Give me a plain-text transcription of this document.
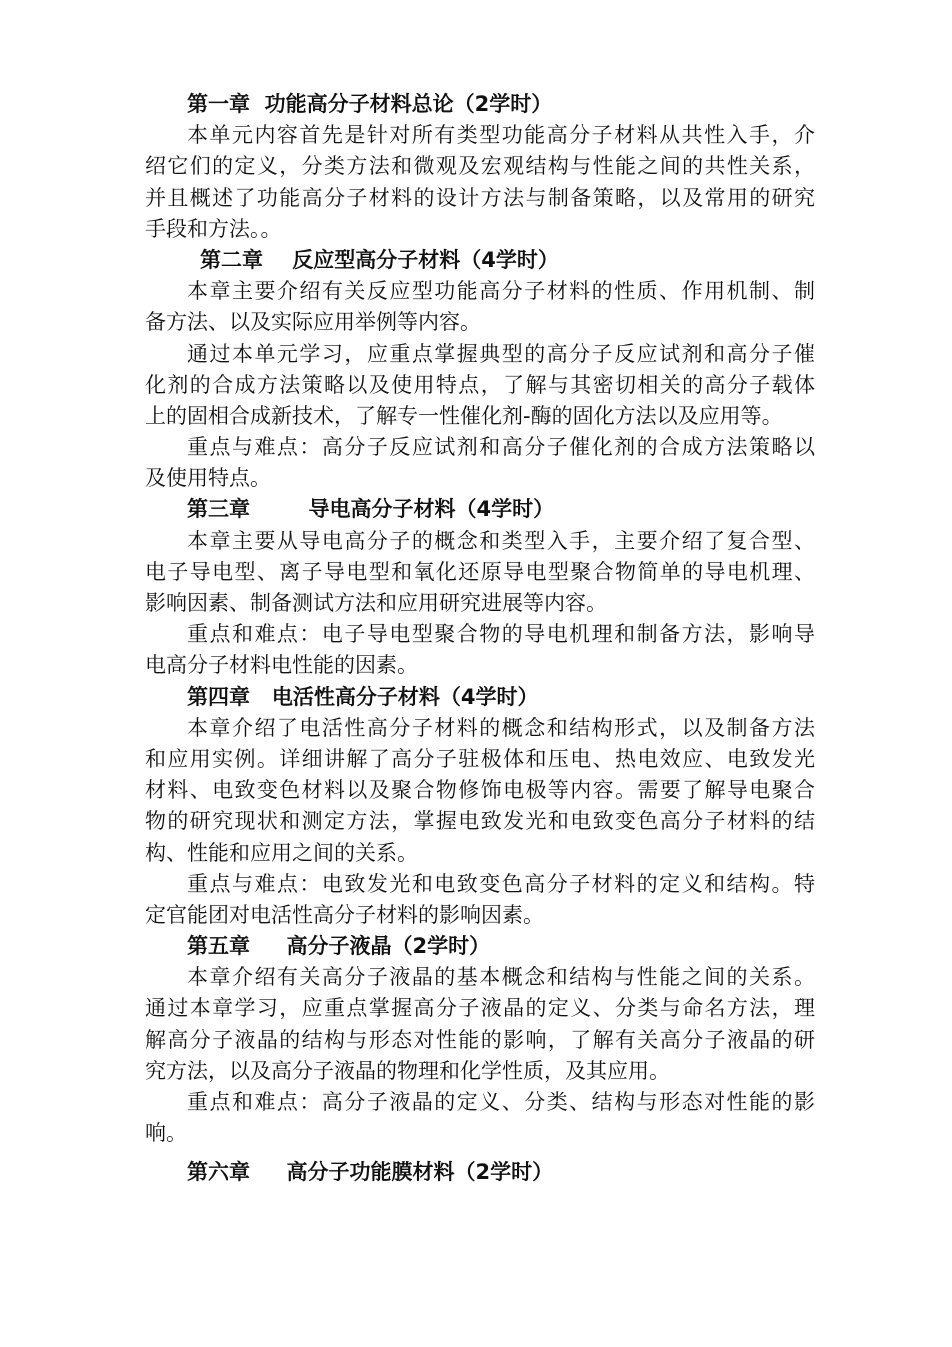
第一章  功能高分子材料总论（2学时）
本单元内容首先是针对所有类型功能高分子材料从共性入手，介
绍它们的定义，分类方法和微观及宏观结构与性能之间的共性关系，
并且概述了功能高分子材料的设计方法与制备策略，以及常用的研究
手段和方法。。
第二章    反应型高分子材料（4学时）
本章主要介绍有关反应型功能高分子材料的性质、作用机制、制
备方法、以及实际应用举例等内容。
通过本单元学习，应重点掌握典型的高分子反应试剂和高分子催
化剂的合成方法策略以及使用特点，了解与其密切相关的高分子载体
上的固相合成新技术，了解专一性催化剂-酶的固化方法以及应用等。
重点与难点：高分子反应试剂和高分子催化剂的合成方法策略以
及使用特点。
第三章        导电高分子材料（4学时）
本章主要从导电高分子的概念和类型入手，主要介绍了复合型、
电子导电型、离子导电型和氧化还原导电型聚合物简单的导电机理、
影响因素、制备测试方法和应用研究进展等内容。
重点和难点：电子导电型聚合物的导电机理和制备方法，影响导
电高分子材料电性能的因素。
第四章   电活性高分子材料（4学时）
本章介绍了电活性高分子材料的概念和结构形式，以及制备方法
和应用实例。详细讲解了高分子驻极体和压电、热电效应、电致发光
材料、电致变色材料以及聚合物修饰电极等内容。需要了解导电聚合
物的研究现状和测定方法，掌握电致发光和电致变色高分子材料的结
构、性能和应用之间的关系。
重点与难点：电致发光和电致变色高分子材料的定义和结构。特
定官能团对电活性高分子材料的影响因素。
第五章     高分子液晶（2学时）
本章介绍有关高分子液晶的基本概念和结构与性能之间的关系。
通过本章学习，应重点掌握高分子液晶的定义、分类与命名方法，理
解高分子液晶的结构与形态对性能的影响，了解有关高分子液晶的研
究方法，以及高分子液晶的物理和化学性质，及其应用。
重点和难点：高分子液晶的定义、分类、结构与形态对性能的影
响。
第六章     高分子功能膜材料（2学时）
